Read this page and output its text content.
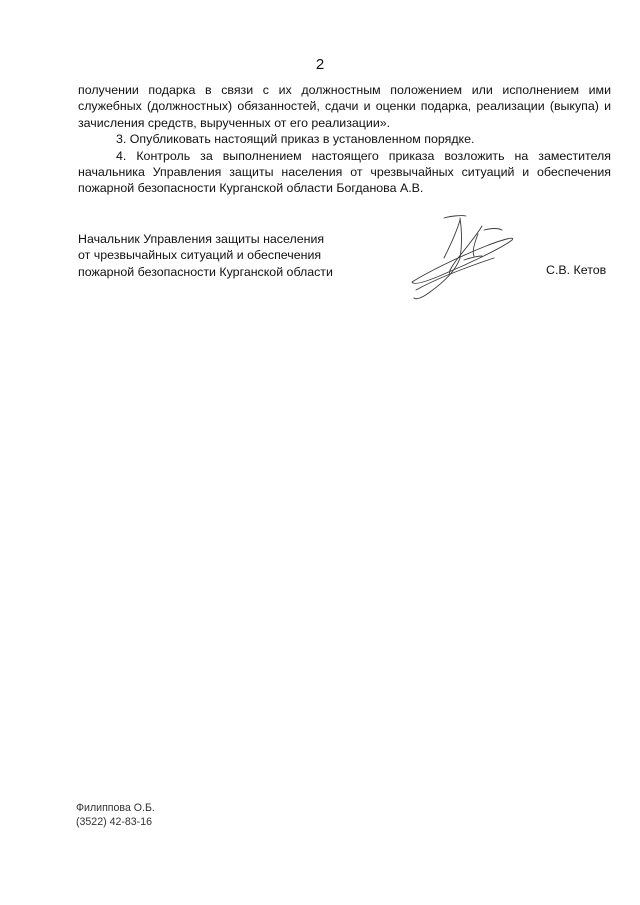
2

получении подарка в связи с их должностным положением или исполнением ими служебных (должностных) обязанностей, сдачи и оценки подарка, реализации (выкупа) и зачисления средств, вырученных от его реализации».

3. Опубликовать настоящий приказ в установленном порядке.

4. Контроль за выполнением настоящего приказа возложить на заместителя начальника Управления защиты населения от чрезвычайных ситуаций и обеспечения пожарной безопасности Курганской области Богданова А.В.

Начальник Управления защиты населения
от чрезвычайных ситуаций и обеспечения
пожарной безопасности Курганской области	С.В. Кетов
Филиппова О.Б.
(3522) 42-83-16
